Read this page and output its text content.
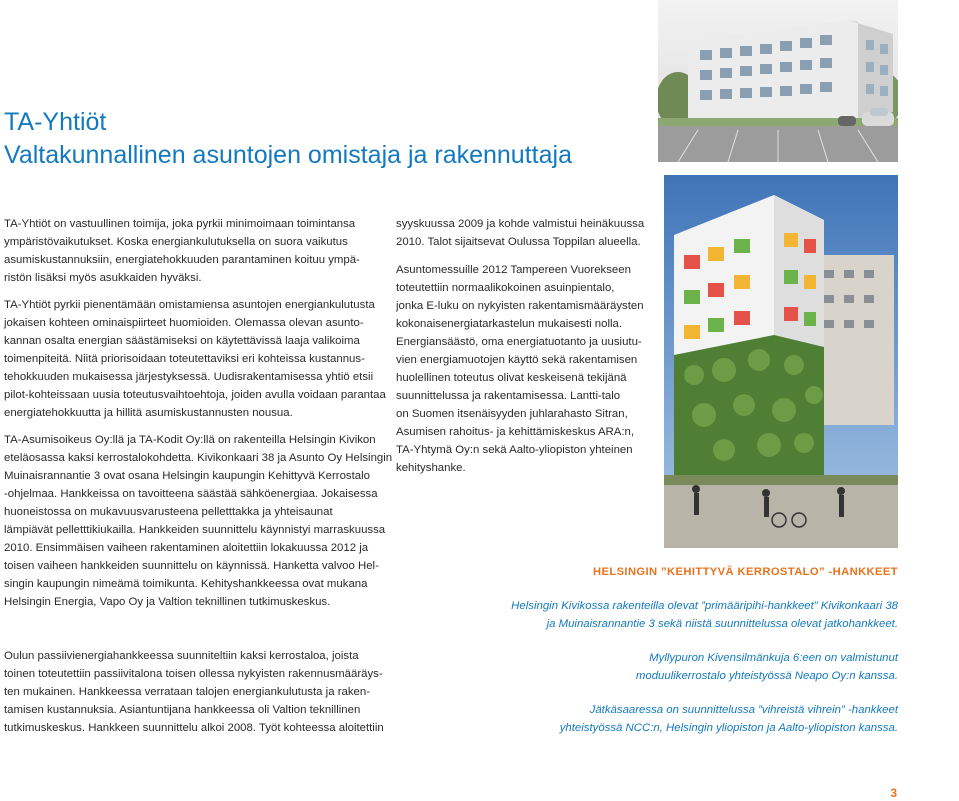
TA-Yhtiöt
Valtakunnallinen asuntojen omistaja ja rakennuttaja

TA-Yhtiöt on vastuullinen toimija, joka pyrkii minimoimaan toimintansa
ympäristövaikutukset. Koska energiankulutuksella on suora vaikutus
asumiskustannuksiin, energiatehokkuuden parantaminen koituu ympä-
ristön lisäksi myös asukkaiden hyväksi.

TA-Yhtiöt pyrkii pienentämään omistamiensa asuntojen energiankulutusta
jokaisen kohteen ominaispiirteet huomioiden. Olemassa olevan asunto-
kannan osalta energian säästämiseksi on käytettävissä laaja valikoima
toimenpiteitä. Niitä priorisoidaan toteutettaviksi eri kohteissa kustannus-
tehokkuuden mukaisessa järjestyksessä. Uudisrakentamisessa yhtiö etsii
pilot-kohteissaan uusia toteutusvaihtoehtoja, joiden avulla voidaan parantaa
energiatehokkuutta ja hillitä asumiskustannusten nousua.

TA-Asumisoikeus Oy:llä ja TA-Kodit Oy:llä on rakenteilla Helsingin Kivikon
eteläosassa kaksi kerrostalokohdetta. Kivikonkaari 38 ja Asunto Oy Helsingin
Muinaisrannantie 3 ovat osana Helsingin kaupungin Kehittyvä Kerrostalo
-ohjelmaa. Hankkeissa on tavoitteena säästää sähköenergiaa. Jokaisessa
huoneistossa on mukavuusvarusteena pelletttakka ja yhteisaunat
lämpiävät pelletttikiukailla. Hankkeiden suunnittelu käynnistyi marraskuussa
2010. Ensimmäisen vaiheen rakentaminen aloitettiin lokakuussa 2012 ja
toisen vaiheen hankkeiden suunnittelu on käynnissä. Hanketta valvoo Hel-
singin kaupungin nimeämä toimikunta. Kehityshankkeessa ovat mukana
Helsingin Energia, Vapo Oy ja Valtion teknillinen tutkimuskeskus.

Oulun passiivienergiahankkeessa suunniteltiin kaksi kerrostaloa, joista
toinen toteutettiin passiivitalona toisen ollessa nykyisten rakennusmääräys-
ten mukainen. Hankkeessa verrataan talojen energiankulutusta ja raken-
tamisen kustannuksia. Asiantuntijana hankkeessa oli Valtion teknillinen
tutkimuskeskus. Hankkeen suunnittelu alkoi 2008. Työt kohteessa aloitettiin

syyskuussa 2009 ja kohde valmistui heinäkuussa
2010. Talot sijaitsevat Oulussa Toppilan alueella.

Asuntomessuille 2012 Tampereen Vuorekseen
toteutettiin normaalikokoinen asuinpientalo,
jonka E-luku on nykyisten rakentamismääräysten
kokonaisenergiatarkastelun mukaisesti nolla.
Energiansäästö, oma energiatuotanto ja uusiutu-
vien energiamuotojen käyttö sekä rakentamisen
huolellinen toteutus olivat keskeisenä tekijänä
suunnittelussa ja rakentamisessa. Lantti-talo
on Suomen itsenäisyyden juhlarahasto Sitran,
Asumisen rahoitus- ja kehittämiskeskus ARA:n,
TA-Yhtymä Oy:n sekä Aalto-yliopiston yhteinen
kehityshanke.

HELSINGIN ”KEHITTYVÄ KERROSTALO” -HANKKEET

Helsingin Kivikossa rakenteilla olevat ”primääripihi-hankkeet” Kivikonkaari 38
ja Muinaisrannantie 3 sekä niistä suunnittelussa olevat jatkohankkeet.

Myllypuron Kivensilmänkuja 6:een on valmistunut
moduulikerrostalo yhteistyössä Neapo Oy:n kanssa.

Jätkäsaaressa on suunnittelussa ”vihreistä vihrein” -hankkeet
yhteistyössä NCC:n, Helsingin yliopiston ja Aalto-yliopiston kanssa.

3
